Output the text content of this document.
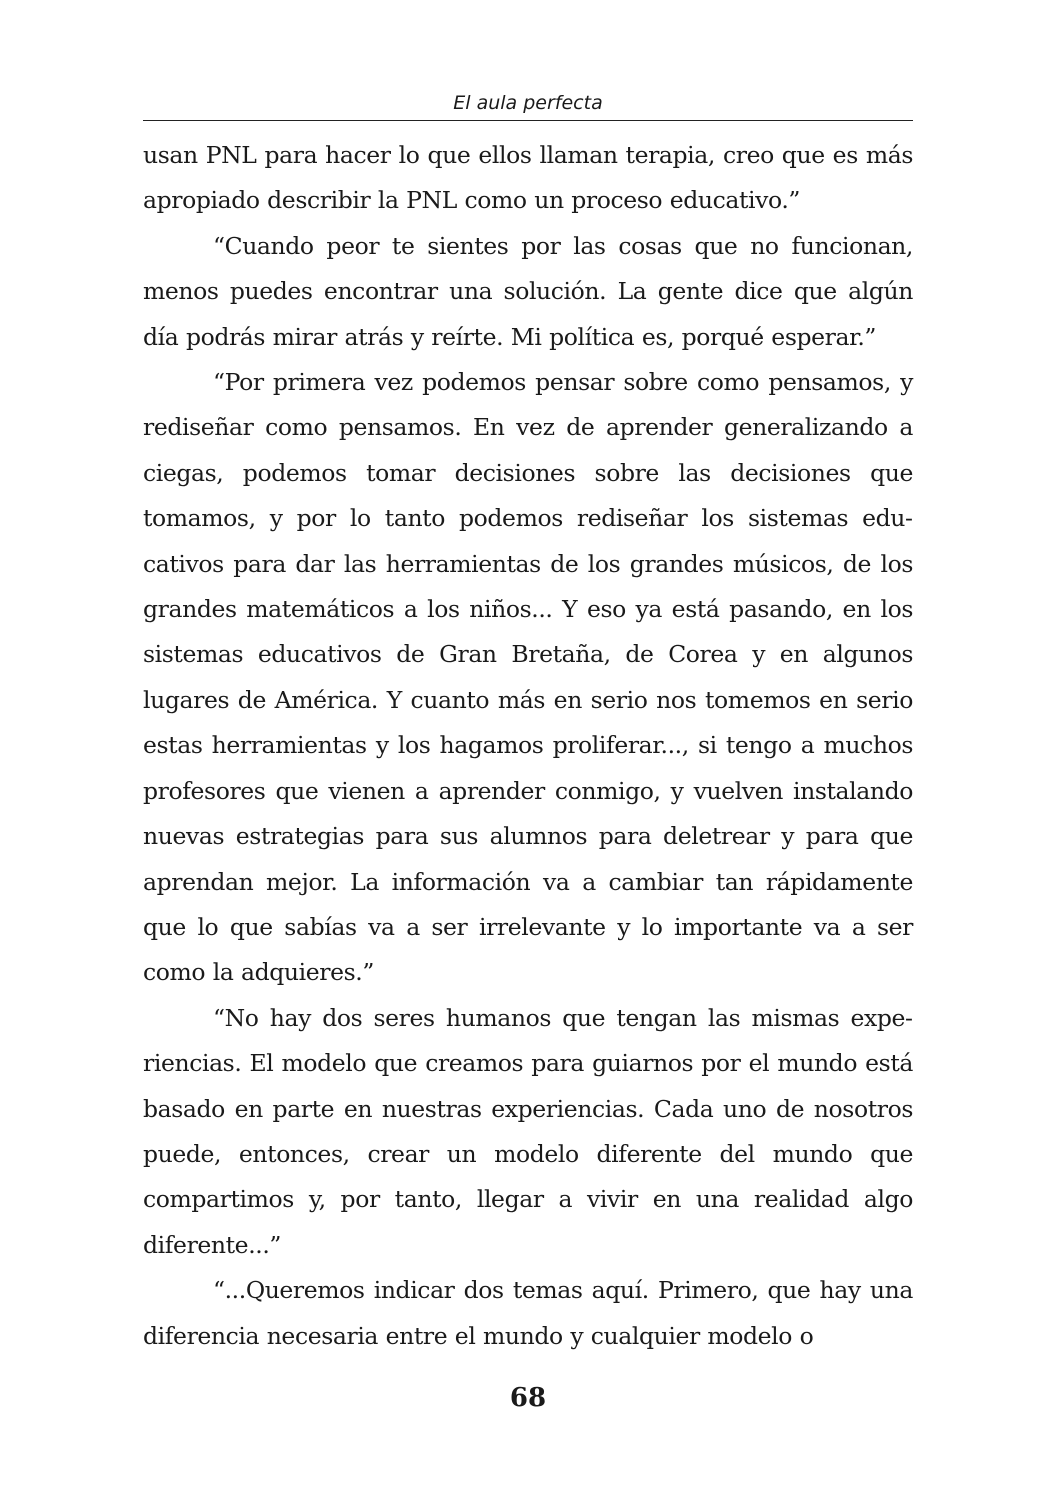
El aula perfecta

usan PNL para hacer lo que ellos llaman terapia, creo que es más apropiado describir la PNL como un proceso educativo.”

“Cuando peor te sientes por las cosas que no funcionan, menos puedes encontrar una solución. La gente dice que algún día podrás mirar atrás y reírte. Mi política es, porqué esperar.”

“Por primera vez podemos pensar sobre como pensamos, y rediseñar como pensamos. En vez de aprender generalizando a ciegas, podemos tomar decisiones sobre las decisiones que tomamos, y por lo tanto podemos rediseñar los sistemas educativos para dar las herramientas de los grandes músicos, de los grandes matemáticos a los niños... Y eso ya está pasando, en los sistemas educativos de Gran Bretaña, de Corea y en algunos lugares de América. Y cuanto más en serio nos tomemos en serio estas herramientas y los hagamos proliferar..., si tengo a muchos profesores que vienen a aprender conmigo, y vuelven instalando nuevas estrategias para sus alumnos para deletrear y para que aprendan mejor. La información va a cambiar tan rápidamente que lo que sabías va a ser irrelevante y lo importante va a ser como la adquieres.”

“No hay dos seres humanos que tengan las mismas experiencias. El modelo que creamos para guiarnos por el mundo está basado en parte en nuestras experiencias. Cada uno de nosotros puede, entonces, crear un modelo diferente del mundo que compartimos y, por tanto, llegar a vivir en una realidad algo diferente...”

“...Queremos indicar dos temas aquí. Primero, que hay una diferencia necesaria entre el mundo y cualquier modelo o

68
